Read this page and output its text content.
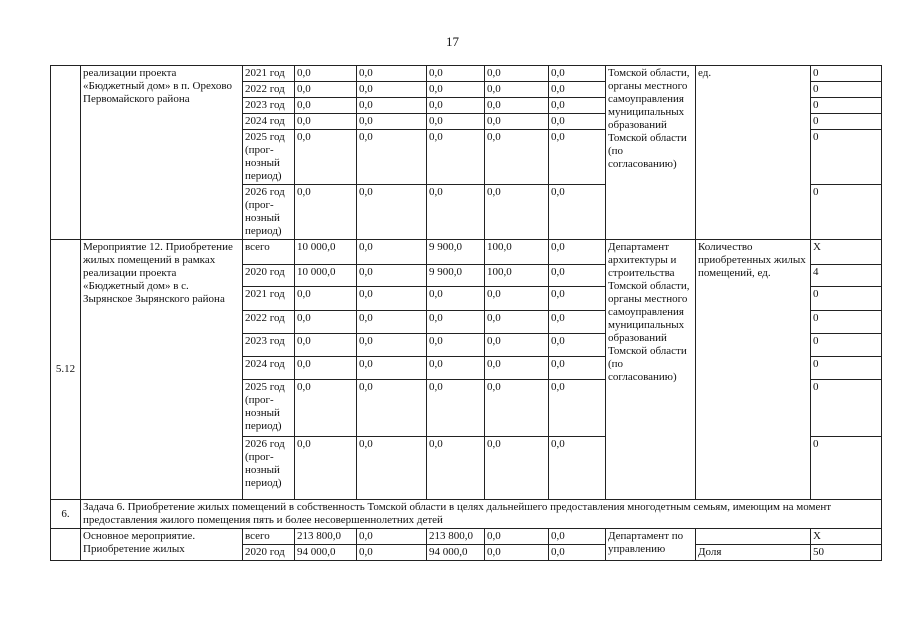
17
	реализации проекта «Бюджетный дом» в п. Орехово Первомайского района	2021 год	0,0	0,0	0,0	0,0	0,0	Томской области, органы местного самоуправления муниципальных образований Томской области (по согласованию)	ед.	0
		2022 год	0,0	0,0	0,0	0,0	0,0			0
		2023 год	0,0	0,0	0,0	0,0	0,0			0
		2024 год	0,0	0,0	0,0	0,0	0,0			0
		2025 год (прог-нозный период)	0,0	0,0	0,0	0,0	0,0			0
		2026 год (прог-нозный период)	0,0	0,0	0,0	0,0	0,0			0
5.12	Мероприятие 12. Приобретение жилых помещений в рамках реализации проекта «Бюджетный дом» в с. Зырянское Зырянского района	всего	10 000,0	0,0	9 900,0	100,0	0,0	Департамент архитектуры и строительства Томской области, органы местного самоуправления муниципальных образований Томской области (по согласованию)	Количество приобретенных жилых помещений, ед.	X
		2020 год	10 000,0	0,0	9 900,0	100,0	0,0			4
		2021 год	0,0	0,0	0,0	0,0	0,0			0
		2022 год	0,0	0,0	0,0	0,0	0,0			0
		2023 год	0,0	0,0	0,0	0,0	0,0			0
		2024 год	0,0	0,0	0,0	0,0	0,0			0
		2025 год (прог-нозный период)	0,0	0,0	0,0	0,0	0,0			0
		2026 год (прог-нозный период)	0,0	0,0	0,0	0,0	0,0			0
6.	Задача 6. Приобретение жилых помещений в собственность Томской области в целях дальнейшего предоставления многодетным семьям, имеющим на момент предоставления жилого помещения пять и более несовершеннолетних детей									
	Основное мероприятие. Приобретение жилых	всего	213 800,0	0,0	213 800,0	0,0	0,0	Департамент по управлению		X
		2020 год	94 000,0	0,0	94 000,0	0,0	0,0		Доля	50
